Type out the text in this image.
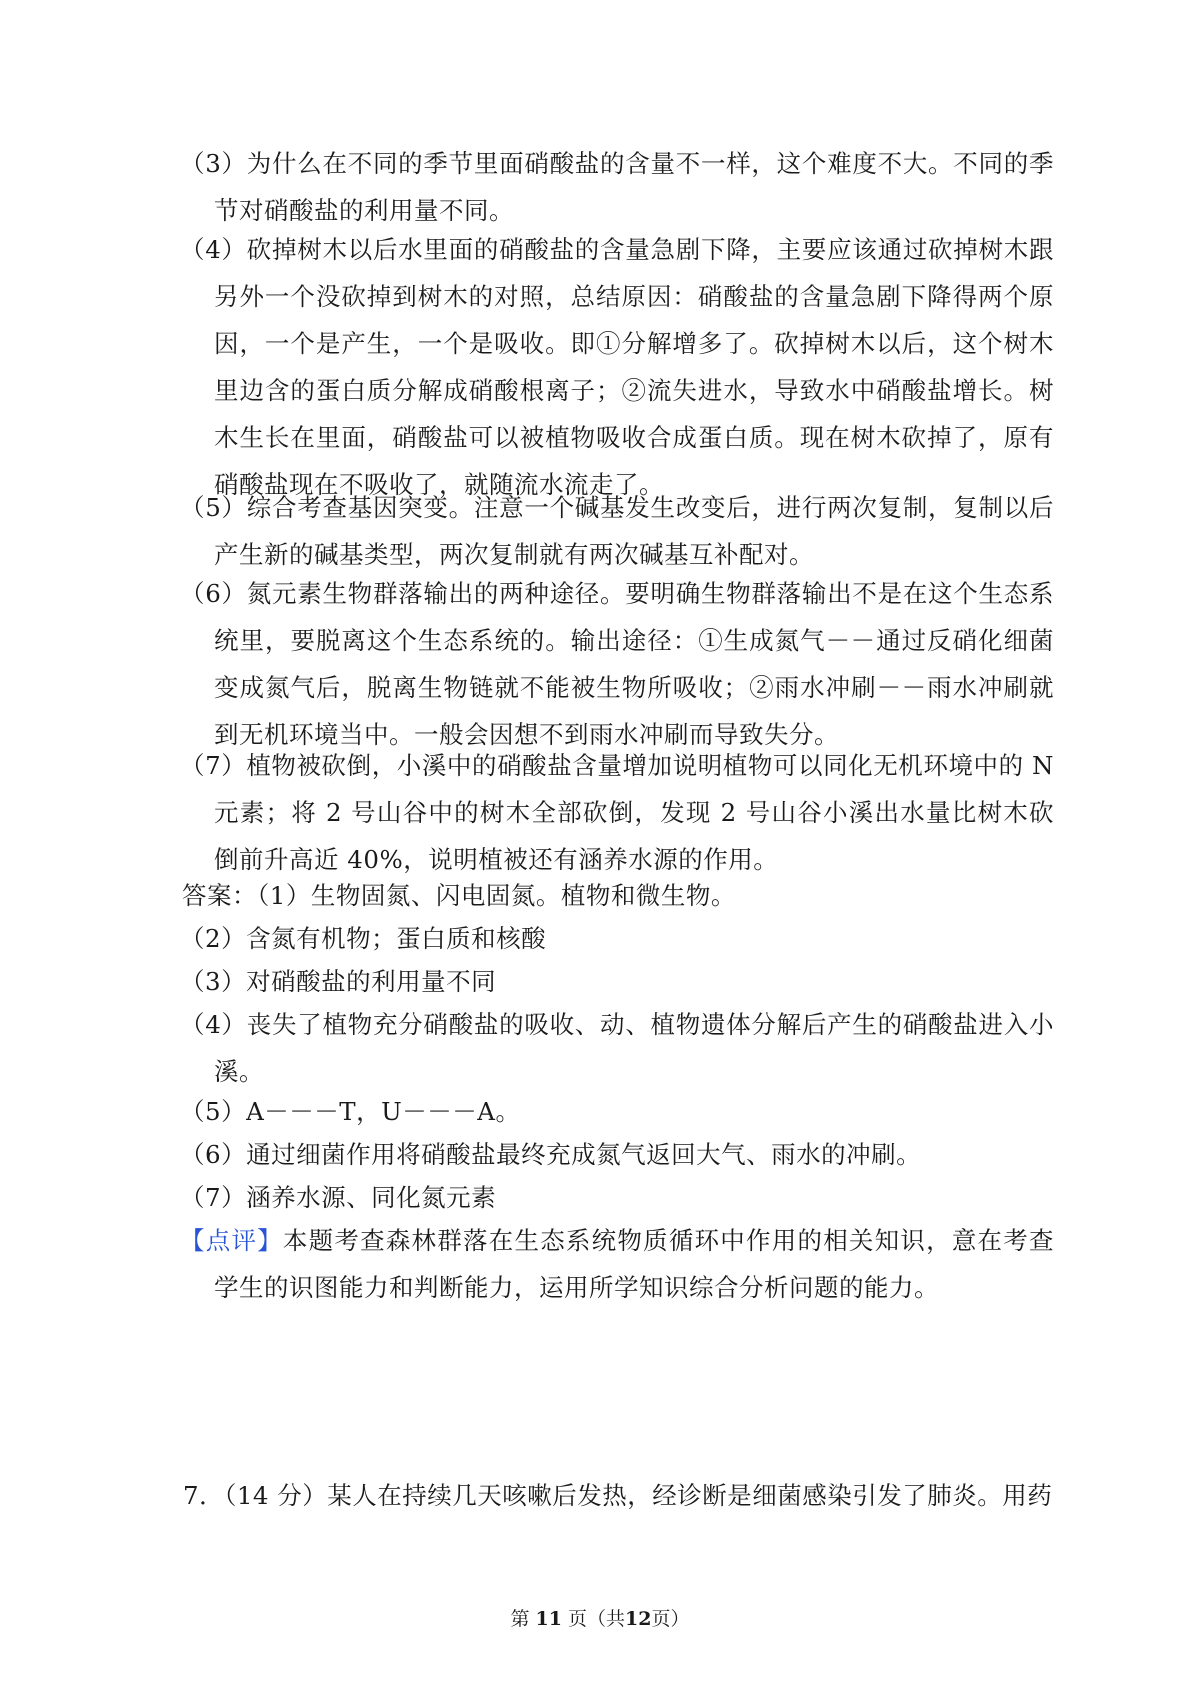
（3）为什么在不同的季节里面硝酸盐的含量不一样，这个难度不大。不同的季节对硝酸盐的利用量不同。
（4）砍掉树木以后水里面的硝酸盐的含量急剧下降，主要应该通过砍掉树木跟另外一个没砍掉到树木的对照，总结原因：硝酸盐的含量急剧下降得两个原因，一个是产生，一个是吸收。即①分解增多了。砍掉树木以后，这个树木里边含的蛋白质分解成硝酸根离子；②流失进水，导致水中硝酸盐增长。树木生长在里面，硝酸盐可以被植物吸收合成蛋白质。现在树木砍掉了，原有硝酸盐现在不吸收了，就随流水流走了。
（5）综合考查基因突变。注意一个碱基发生改变后，进行两次复制，复制以后产生新的碱基类型，两次复制就有两次碱基互补配对。
（6）氮元素生物群落输出的两种途径。要明确生物群落输出不是在这个生态系统里，要脱离这个生态系统的。输出途径：①生成氮气－－通过反硝化细菌变成氮气后，脱离生物链就不能被生物所吸收；②雨水冲刷－－雨水冲刷就到无机环境当中。一般会因想不到雨水冲刷而导致失分。
（7）植物被砍倒，小溪中的硝酸盐含量增加说明植物可以同化无机环境中的 N 元素；将 2 号山谷中的树木全部砍倒，发现 2 号山谷小溪出水量比树木砍倒前升高近 40%，说明植被还有涵养水源的作用。
答案：（1）生物固氮、闪电固氮。植物和微生物。
（2）含氮有机物；蛋白质和核酸
（3）对硝酸盐的利用量不同
（4）丧失了植物充分硝酸盐的吸收、动、植物遗体分解后产生的硝酸盐进入小溪。
（5）A－－－T，U－－－A。
（6）通过细菌作用将硝酸盐最终充成氮气返回大气、雨水的冲刷。
（7）涵养水源、同化氮元素
【点评】本题考查森林群落在生态系统物质循环中作用的相关知识，意在考查学生的识图能力和判断能力，运用所学知识综合分析问题的能力。
7．（14 分）某人在持续几天咳嗽后发热，经诊断是细菌感染引发了肺炎。用药
第 11 页（共12页）
